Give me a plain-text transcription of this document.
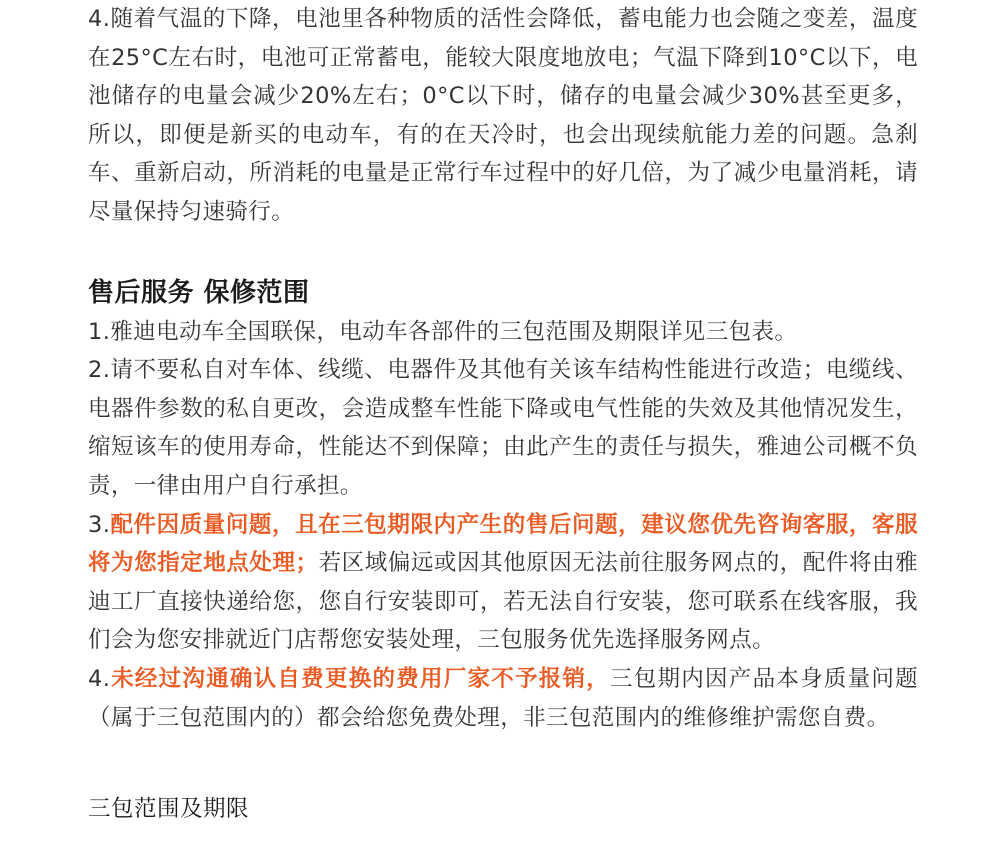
4.随着气温的下降，电池里各种物质的活性会降低，蓄电能力也会随之变差，温度在25°C左右时，电池可正常蓄电，能较大限度地放电；气温下降到10°C以下，电池储存的电量会减少20%左右；0°C以下时，储存的电量会减少30%甚至更多，所以，即便是新买的电动车，有的在天冷时，也会出现续航能力差的问题。急刹车、重新启动，所消耗的电量是正常行车过程中的好几倍，为了减少电量消耗，请尽量保持匀速骑行。

售后服务 保修范围

1.雅迪电动车全国联保，电动车各部件的三包范围及期限详见三包表。

2.请不要私自对车体、线缆、电器件及其他有关该车结构性能进行改造；电缆线、电器件参数的私自更改，会造成整车性能下降或电气性能的失效及其他情况发生，缩短该车的使用寿命，性能达不到保障；由此产生的责任与损失，雅迪公司概不负责，一律由用户自行承担。

3.配件因质量问题，且在三包期限内产生的售后问题，建议您优先咨询客服，客服将为您指定地点处理；若区域偏远或因其他原因无法前往服务网点的，配件将由雅迪工厂直接快递给您，您自行安装即可，若无法自行安装，您可联系在线客服，我们会为您安排就近门店帮您安装处理，三包服务优先选择服务网点。

4.未经过沟通确认自费更换的费用厂家不予报销，三包期内因产品本身质量问题（属于三包范围内的）都会给您免费处理，非三包范围内的维修维护需您自费。

三包范围及期限
